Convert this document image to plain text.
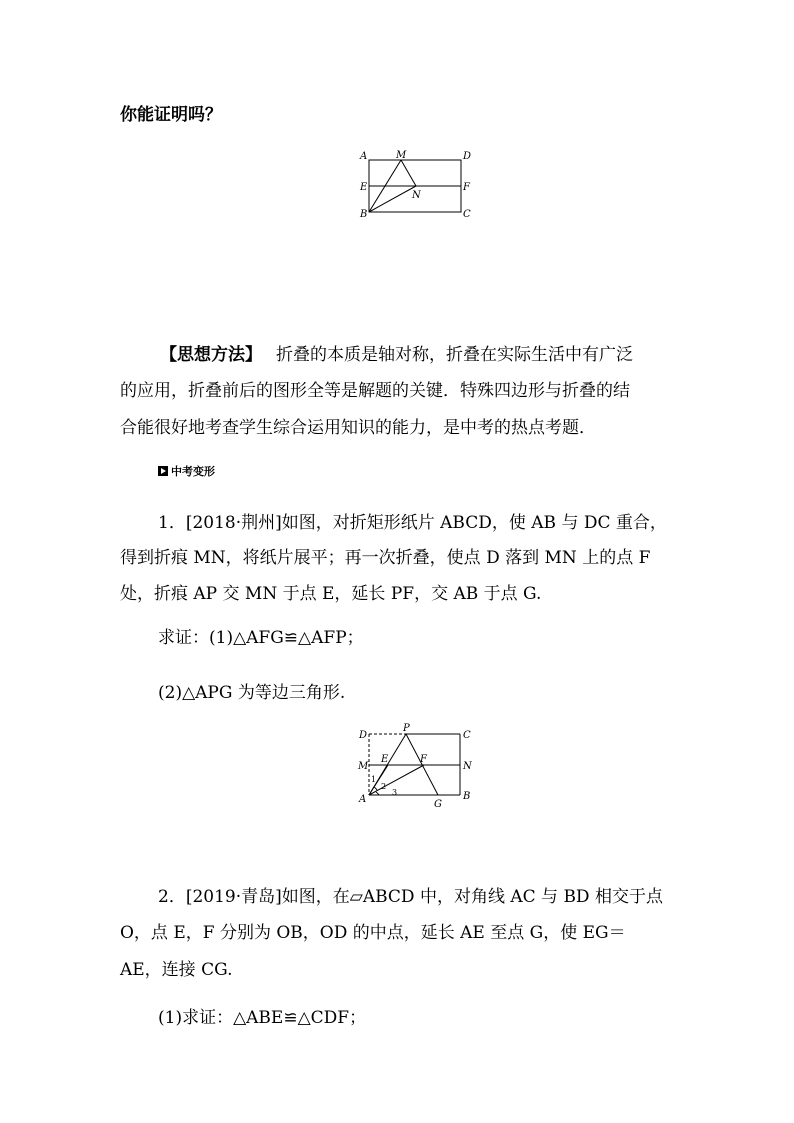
你能证明吗？
A	M	D
E	F
N
B	C
【思想方法】 折叠的本质是轴对称，折叠在实际生活中有广泛
的应用，折叠前后的图形全等是解题的关键．特殊四边形与折叠的结
合能很好地考查学生综合运用知识的能力，是中考的热点考题．
中考变形
1．[2018·荆州]如图，对折矩形纸片 ABCD，使 AB 与 DC 重合，
得到折痕 MN，将纸片展平；再一次折叠，使点 D 落到 MN 上的点 F
处，折痕 AP 交 MN 于点 E，延长 PF，交 AB 于点 G.
求证：(1)△AFG≌△AFP；
(2)△APG 为等边三角形.
D
P
C
E	F
M	N
A	G
B
1
2
3
2．[2019·青岛]如图，在▱ABCD 中，对角线 AC 与 BD 相交于点
O，点 E，F 分别为 OB，OD 的中点，延长 AE 至点 G，使 EG＝
AE，连接 CG.
(1)求证：△ABE≌△CDF；
